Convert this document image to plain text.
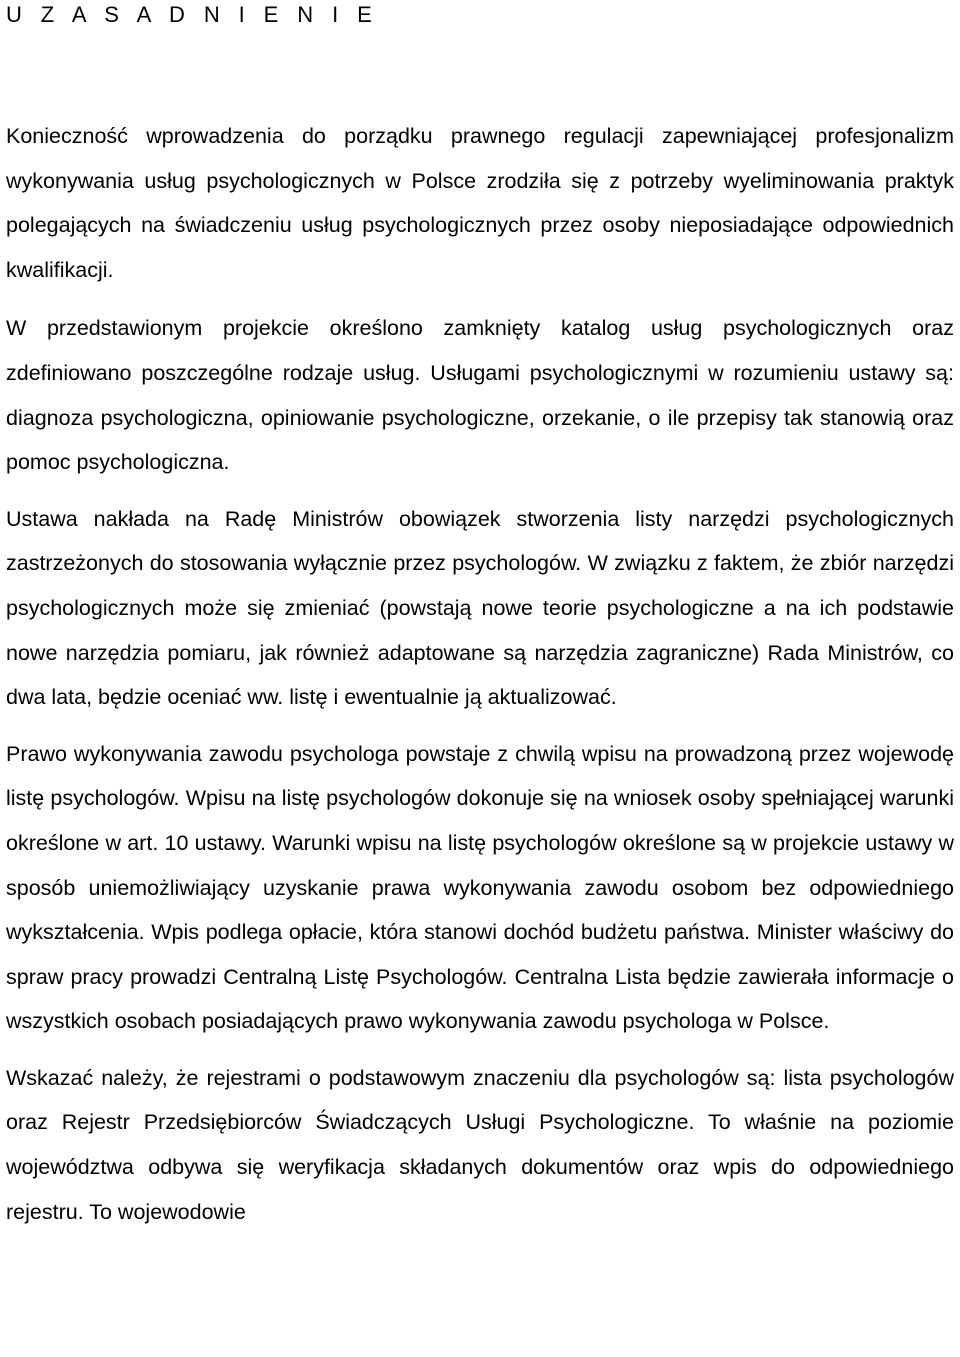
U Z A S A D N I E N I E

Konieczność wprowadzenia do porządku prawnego regulacji zapewniającej profesjonalizm wykonywania usług psychologicznych w Polsce zrodziła się z potrzeby wyeliminowania praktyk polegających na świadczeniu usług psychologicznych przez osoby nieposiadające odpowiednich kwalifikacji.

W przedstawionym projekcie określono zamknięty katalog usług psychologicznych oraz zdefiniowano poszczególne rodzaje usług. Usługami psychologicznymi w rozumieniu ustawy są: diagnoza psychologiczna, opiniowanie psychologiczne, orzekanie, o ile przepisy tak stanowią oraz pomoc psychologiczna.

Ustawa nakłada na Radę Ministrów obowiązek stworzenia listy narzędzi psychologicznych zastrzeżonych do stosowania wyłącznie przez psychologów. W związku z faktem, że zbiór narzędzi psychologicznych może się zmieniać (powstają nowe teorie psychologiczne a na ich podstawie nowe narzędzia pomiaru, jak również adaptowane są narzędzia zagraniczne) Rada Ministrów, co dwa lata, będzie oceniać ww. listę i ewentualnie ją aktualizować.

Prawo wykonywania zawodu psychologa powstaje z chwilą wpisu na prowadzoną przez wojewodę listę psychologów. Wpisu na listę psychologów dokonuje się na wniosek osoby spełniającej warunki określone w art. 10 ustawy. Warunki wpisu na listę psychologów określone są w projekcie ustawy w sposób uniemożliwiający uzyskanie prawa wykonywania zawodu osobom bez odpowiedniego wykształcenia. Wpis podlega opłacie, która stanowi dochód budżetu państwa. Minister właściwy do spraw pracy prowadzi Centralną Listę Psychologów. Centralna Lista będzie zawierała informacje o wszystkich osobach posiadających prawo wykonywania zawodu psychologa w Polsce.

Wskazać należy, że rejestrami o podstawowym znaczeniu dla psychologów są: lista psychologów oraz Rejestr Przedsiębiorców Świadczących Usługi Psychologiczne. To właśnie na poziomie województwa odbywa się weryfikacja składanych dokumentów oraz wpis do odpowiedniego rejestru. To wojewodowie
